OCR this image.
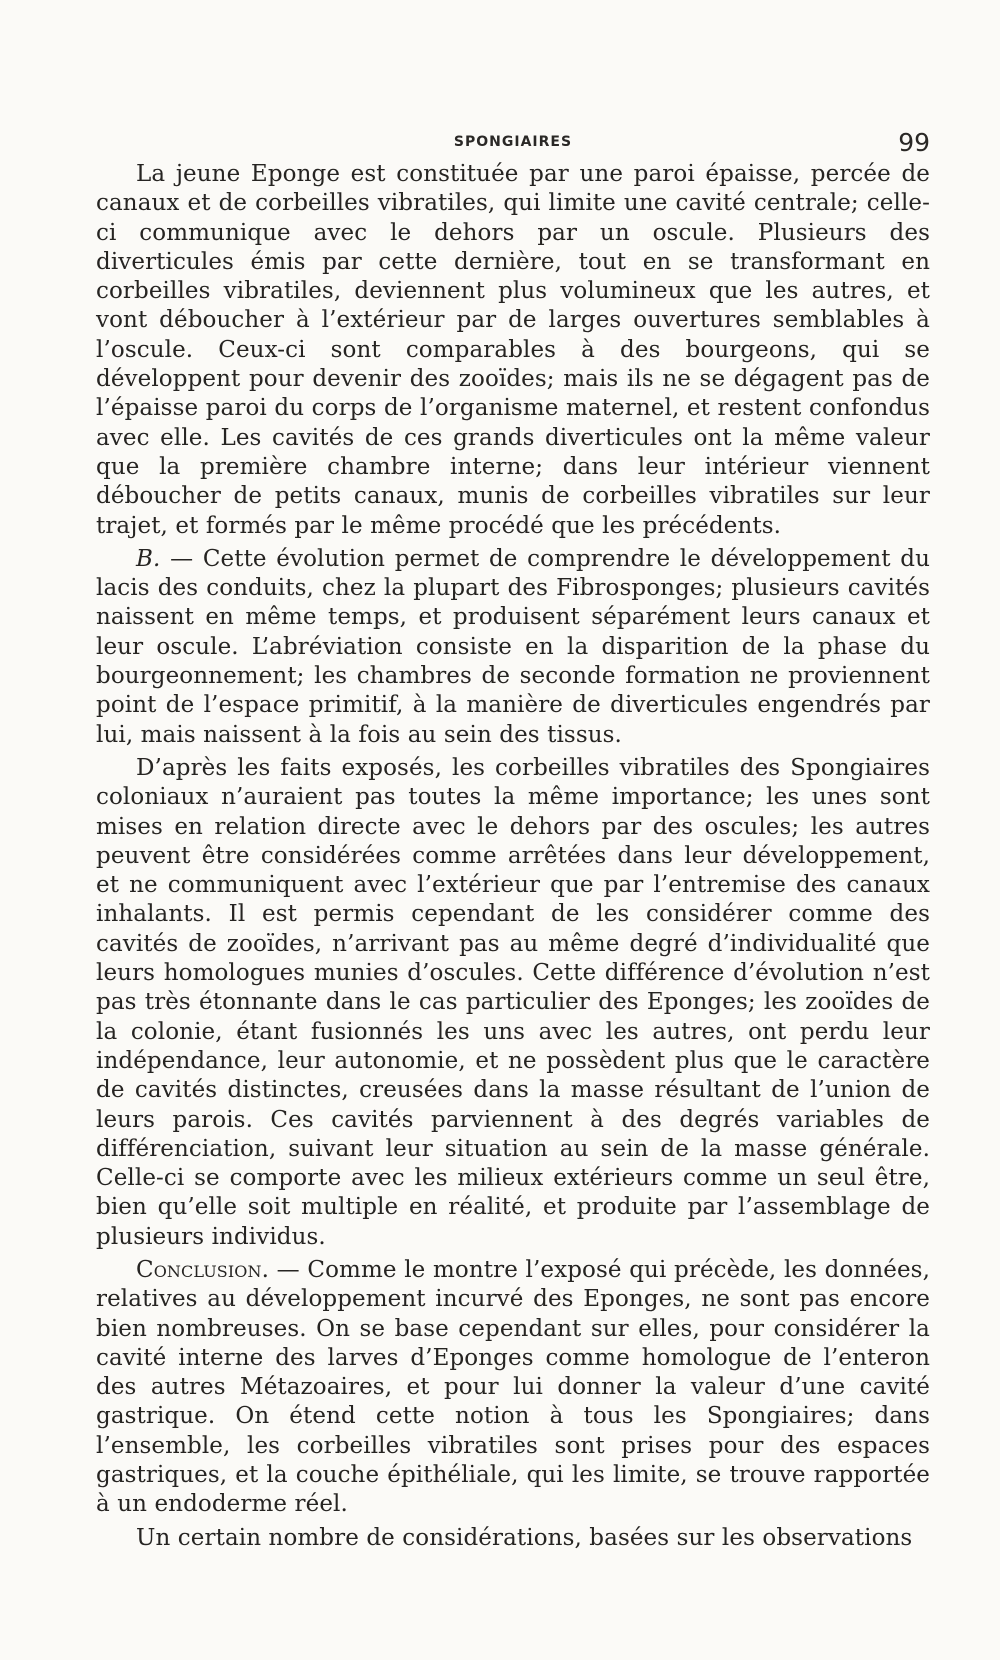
SPONGIAIRES	99

La jeune Eponge est constituée par une paroi épaisse, percée de canaux et de corbeilles vibratiles, qui limite une cavité centrale; celle-ci communique avec le dehors par un oscule. Plusieurs des diverticules émis par cette dernière, tout en se transformant en corbeilles vibratiles, deviennent plus volumineux que les autres, et vont déboucher à l’extérieur par de larges ouvertures semblables à l’oscule. Ceux-ci sont comparables à des bourgeons, qui se développent pour devenir des zooïdes; mais ils ne se dégagent pas de l’épaisse paroi du corps de l’organisme maternel, et restent confondus avec elle. Les cavités de ces grands diverticules ont la même valeur que la première chambre interne; dans leur intérieur viennent déboucher de petits canaux, munis de corbeilles vibratiles sur leur trajet, et formés par le même procédé que les précédents.

B. — Cette évolution permet de comprendre le développement du lacis des conduits, chez la plupart des Fibrosponges; plusieurs cavités naissent en même temps, et produisent séparément leurs canaux et leur oscule. L’abréviation consiste en la disparition de la phase du bourgeonnement; les chambres de seconde formation ne proviennent point de l’espace primitif, à la manière de diverticules engendrés par lui, mais naissent à la fois au sein des tissus.

D’après les faits exposés, les corbeilles vibratiles des Spongiaires coloniaux n’auraient pas toutes la même importance; les unes sont mises en relation directe avec le dehors par des oscules; les autres peuvent être considérées comme arrêtées dans leur développement, et ne communiquent avec l’extérieur que par l’entremise des canaux inhalants. Il est permis cependant de les considérer comme des cavités de zooïdes, n’arrivant pas au même degré d’individualité que leurs homologues munies d’oscules. Cette différence d’évolution n’est pas très étonnante dans le cas particulier des Eponges; les zooïdes de la colonie, étant fusionnés les uns avec les autres, ont perdu leur indépendance, leur autonomie, et ne possèdent plus que le caractère de cavités distinctes, creusées dans la masse résultant de l’union de leurs parois. Ces cavités parviennent à des degrés variables de différenciation, suivant leur situation au sein de la masse générale. Celle-ci se comporte avec les milieux extérieurs comme un seul être, bien qu’elle soit multiple en réalité, et produite par l’assemblage de plusieurs individus.

Conclusion. — Comme le montre l’exposé qui précède, les données, relatives au développement incurvé des Eponges, ne sont pas encore bien nombreuses. On se base cependant sur elles, pour considérer la cavité interne des larves d’Eponges comme homologue de l’enteron des autres Métazoaires, et pour lui donner la valeur d’une cavité gastrique. On étend cette notion à tous les Spongiaires; dans l’ensemble, les corbeilles vibratiles sont prises pour des espaces gastriques, et la couche épithéliale, qui les limite, se trouve rapportée à un endoderme réel.

Un certain nombre de considérations, basées sur les observations
